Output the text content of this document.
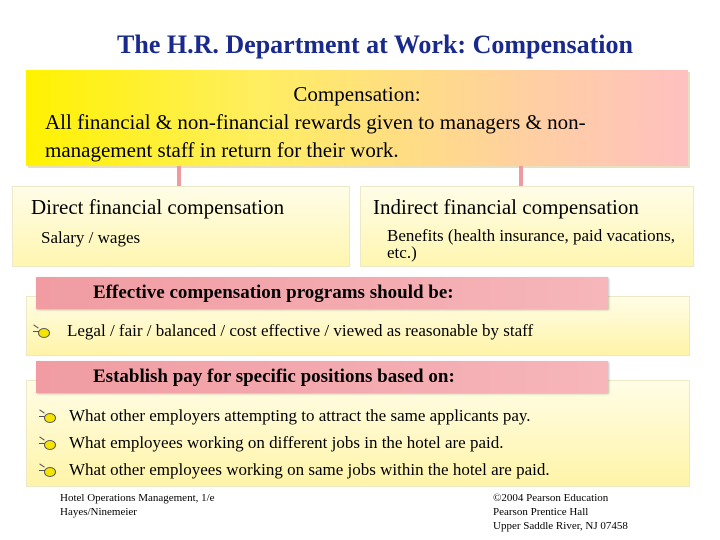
The H.R. Department at Work: Compensation
Compensation:
All financial & non-financial rewards given to managers & non-management staff in return for their work.
Direct financial compensation
Salary / wages
Indirect financial compensation
Benefits (health insurance, paid vacations, etc.)
Legal / fair / balanced / cost effective / viewed as reasonable by staff
Effective compensation programs should be:
What other employers attempting to attract the same applicants pay.
What employees working on different jobs in the hotel are paid.
What other employees working on same jobs within the hotel are paid.
Establish pay for specific positions based on:
Hotel Operations Management, 1/e
Hayes/Ninemeier
©2004 Pearson Education
Pearson Prentice Hall
Upper Saddle River, NJ 07458
